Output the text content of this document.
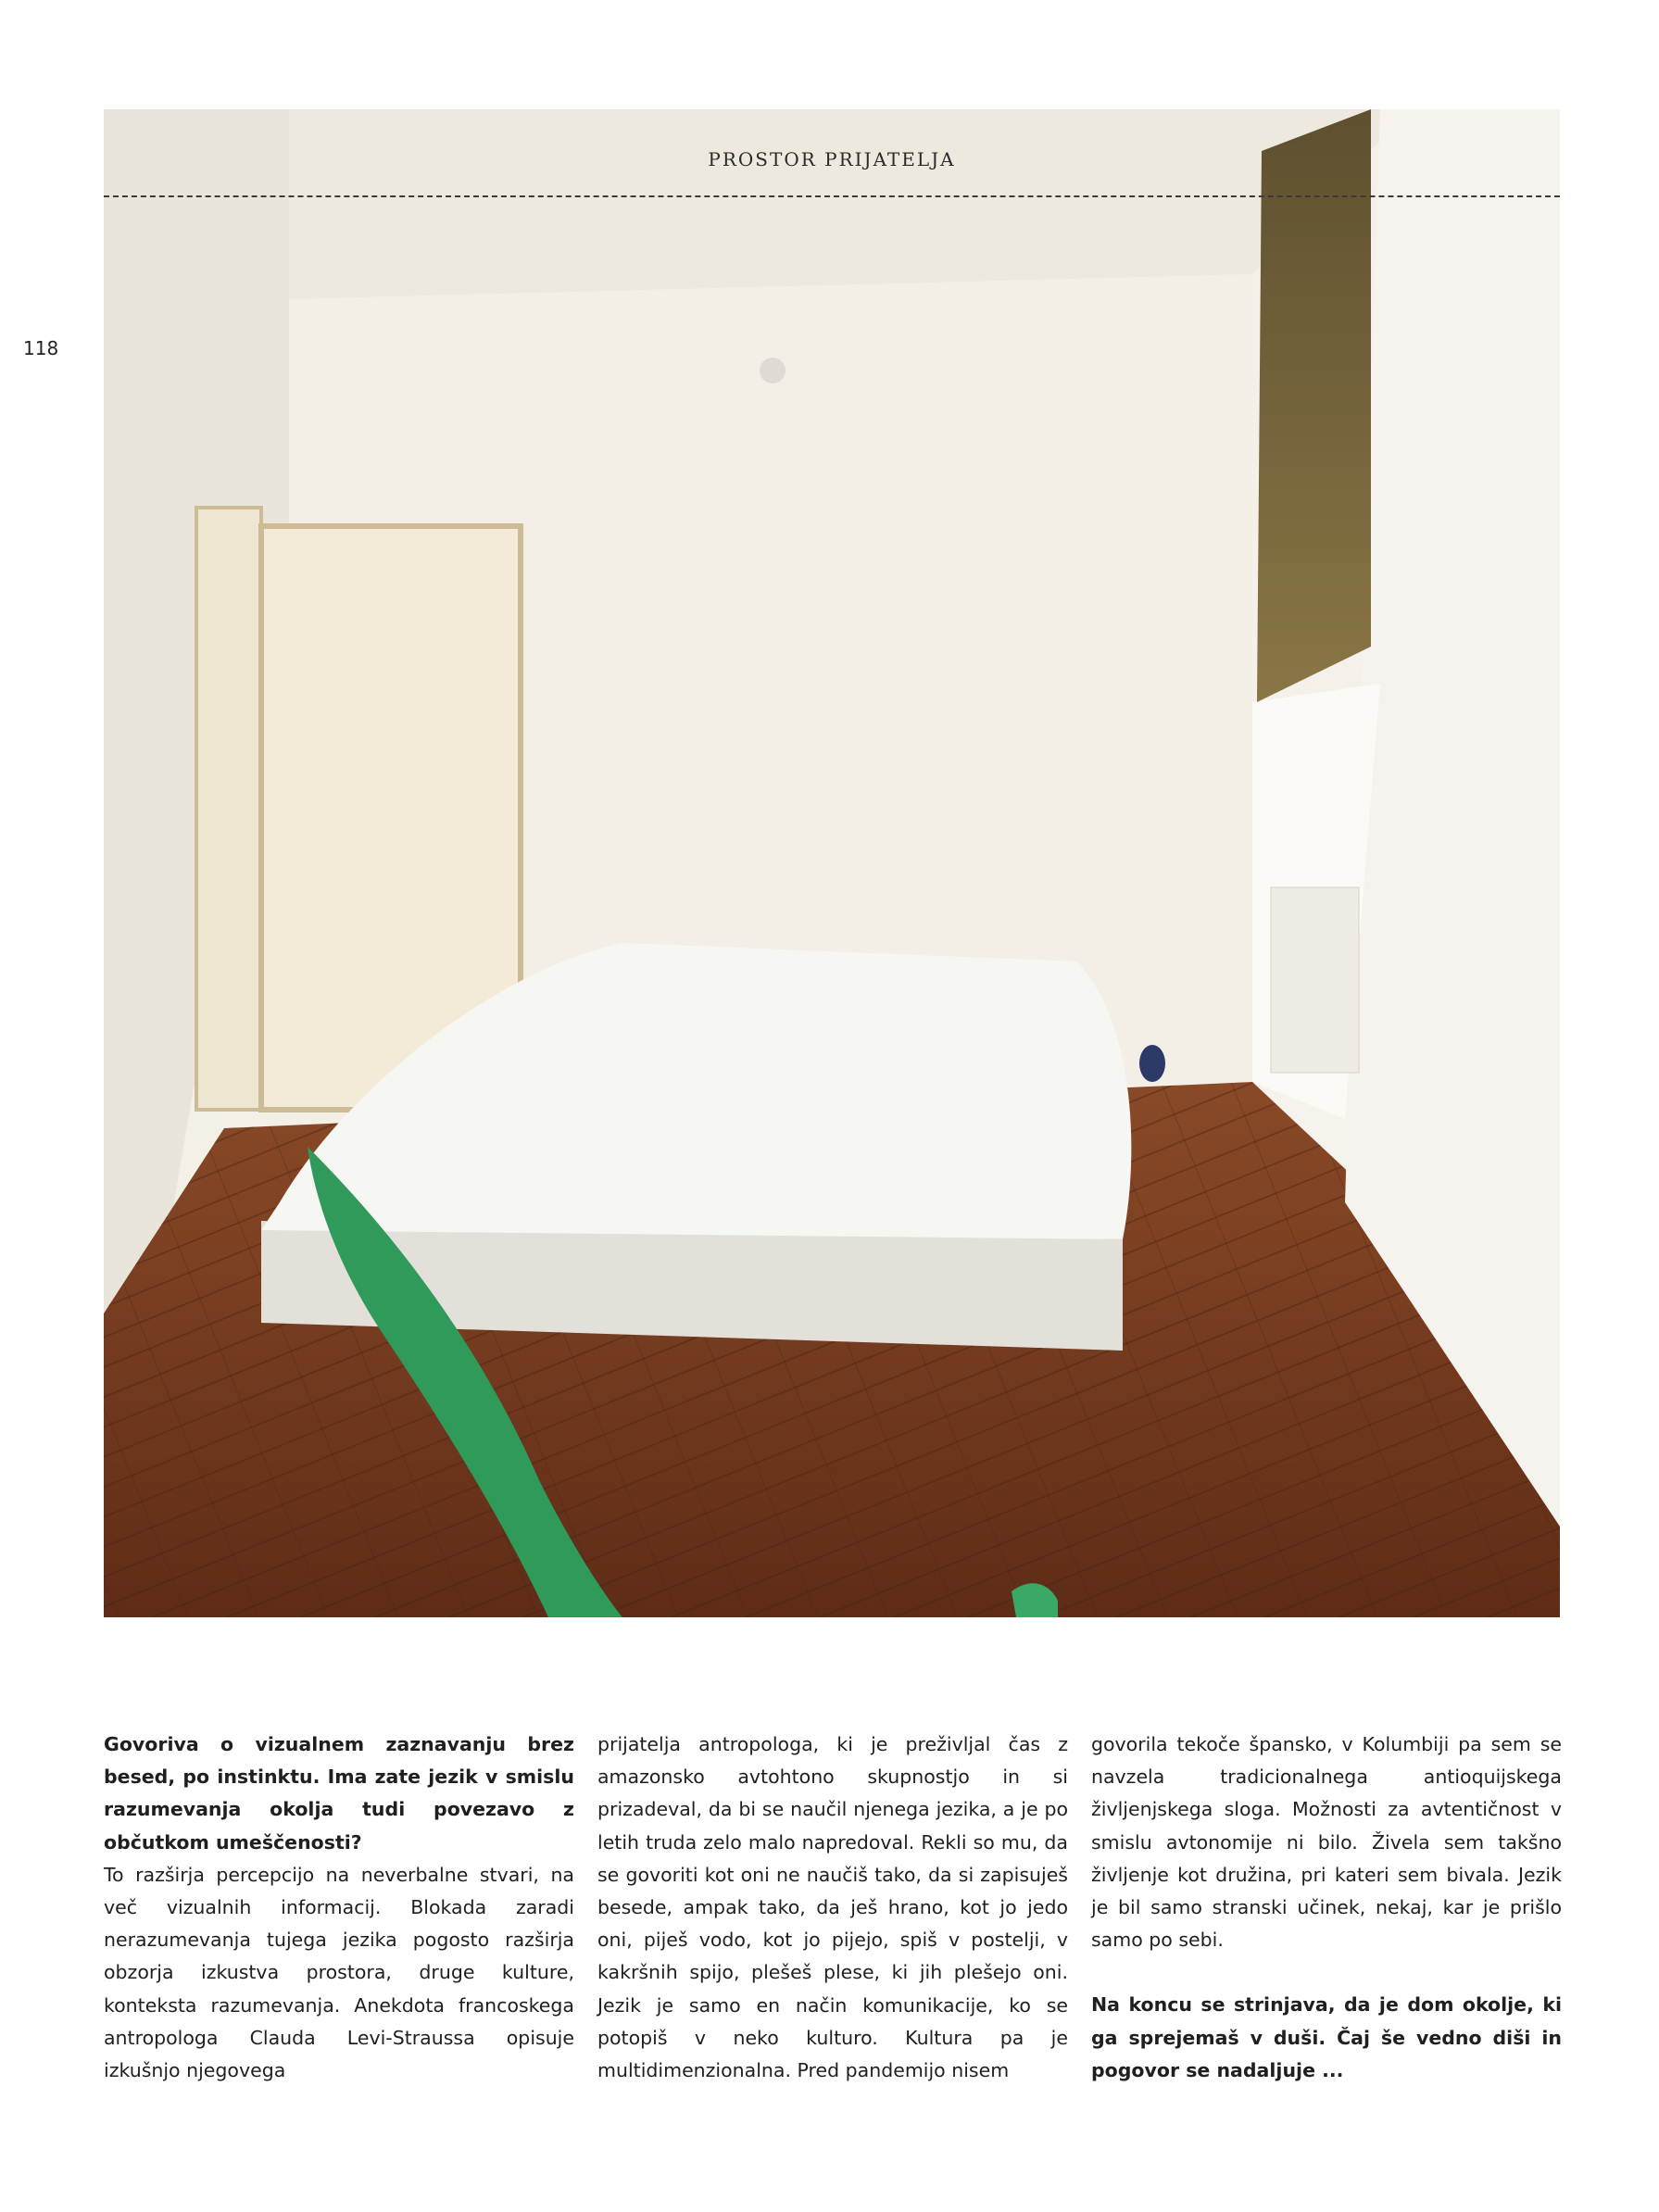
118
PROSTOR PRIJATELJA

Govoriva o vizualnem zaznavanju brez besed, po instinktu. Ima zate jezik v smislu razumevanja okolja tudi povezavo z občutkom umeščenosti?

To razširja percepcijo na neverbalne stvari, na več vizualnih informacij. Blokada zaradi nerazumevanja tujega jezika pogosto razširja obzorja izkustva prostora, druge kulture, konteksta razumevanja. Anekdota francoskega antropologa Clauda Levi-Straussa opisuje izkušnjo njegovega

prijatelja antropologa, ki je preživljal čas z amazonsko avtohtono skupnostjo in si prizadeval, da bi se naučil njenega jezika, a je po letih truda zelo malo napredoval. Rekli so mu, da se govoriti kot oni ne naučiš tako, da si zapisuješ besede, ampak tako, da ješ hrano, kot jo jedo oni, piješ vodo, kot jo pijejo, spiš v postelji, v kakršnih spijo, plešeš plese, ki jih plešejo oni. Jezik je samo en način komunikacije, ko se potopiš v neko kulturo. Kultura pa je multidimenzionalna. Pred pandemijo nisem

govorila tekoče špansko, v Kolumbiji pa sem se navzela tradicionalnega antioquijskega življenjskega sloga. Možnosti za avtentičnost v smislu avtonomije ni bilo. Živela sem takšno življenje kot družina, pri kateri sem bivala. Jezik je bil samo stranski učinek, nekaj, kar je prišlo samo po sebi.

Na koncu se strinjava, da je dom okolje, ki ga sprejemaš v duši. Čaj še vedno diši in pogovor se nadaljuje ...
